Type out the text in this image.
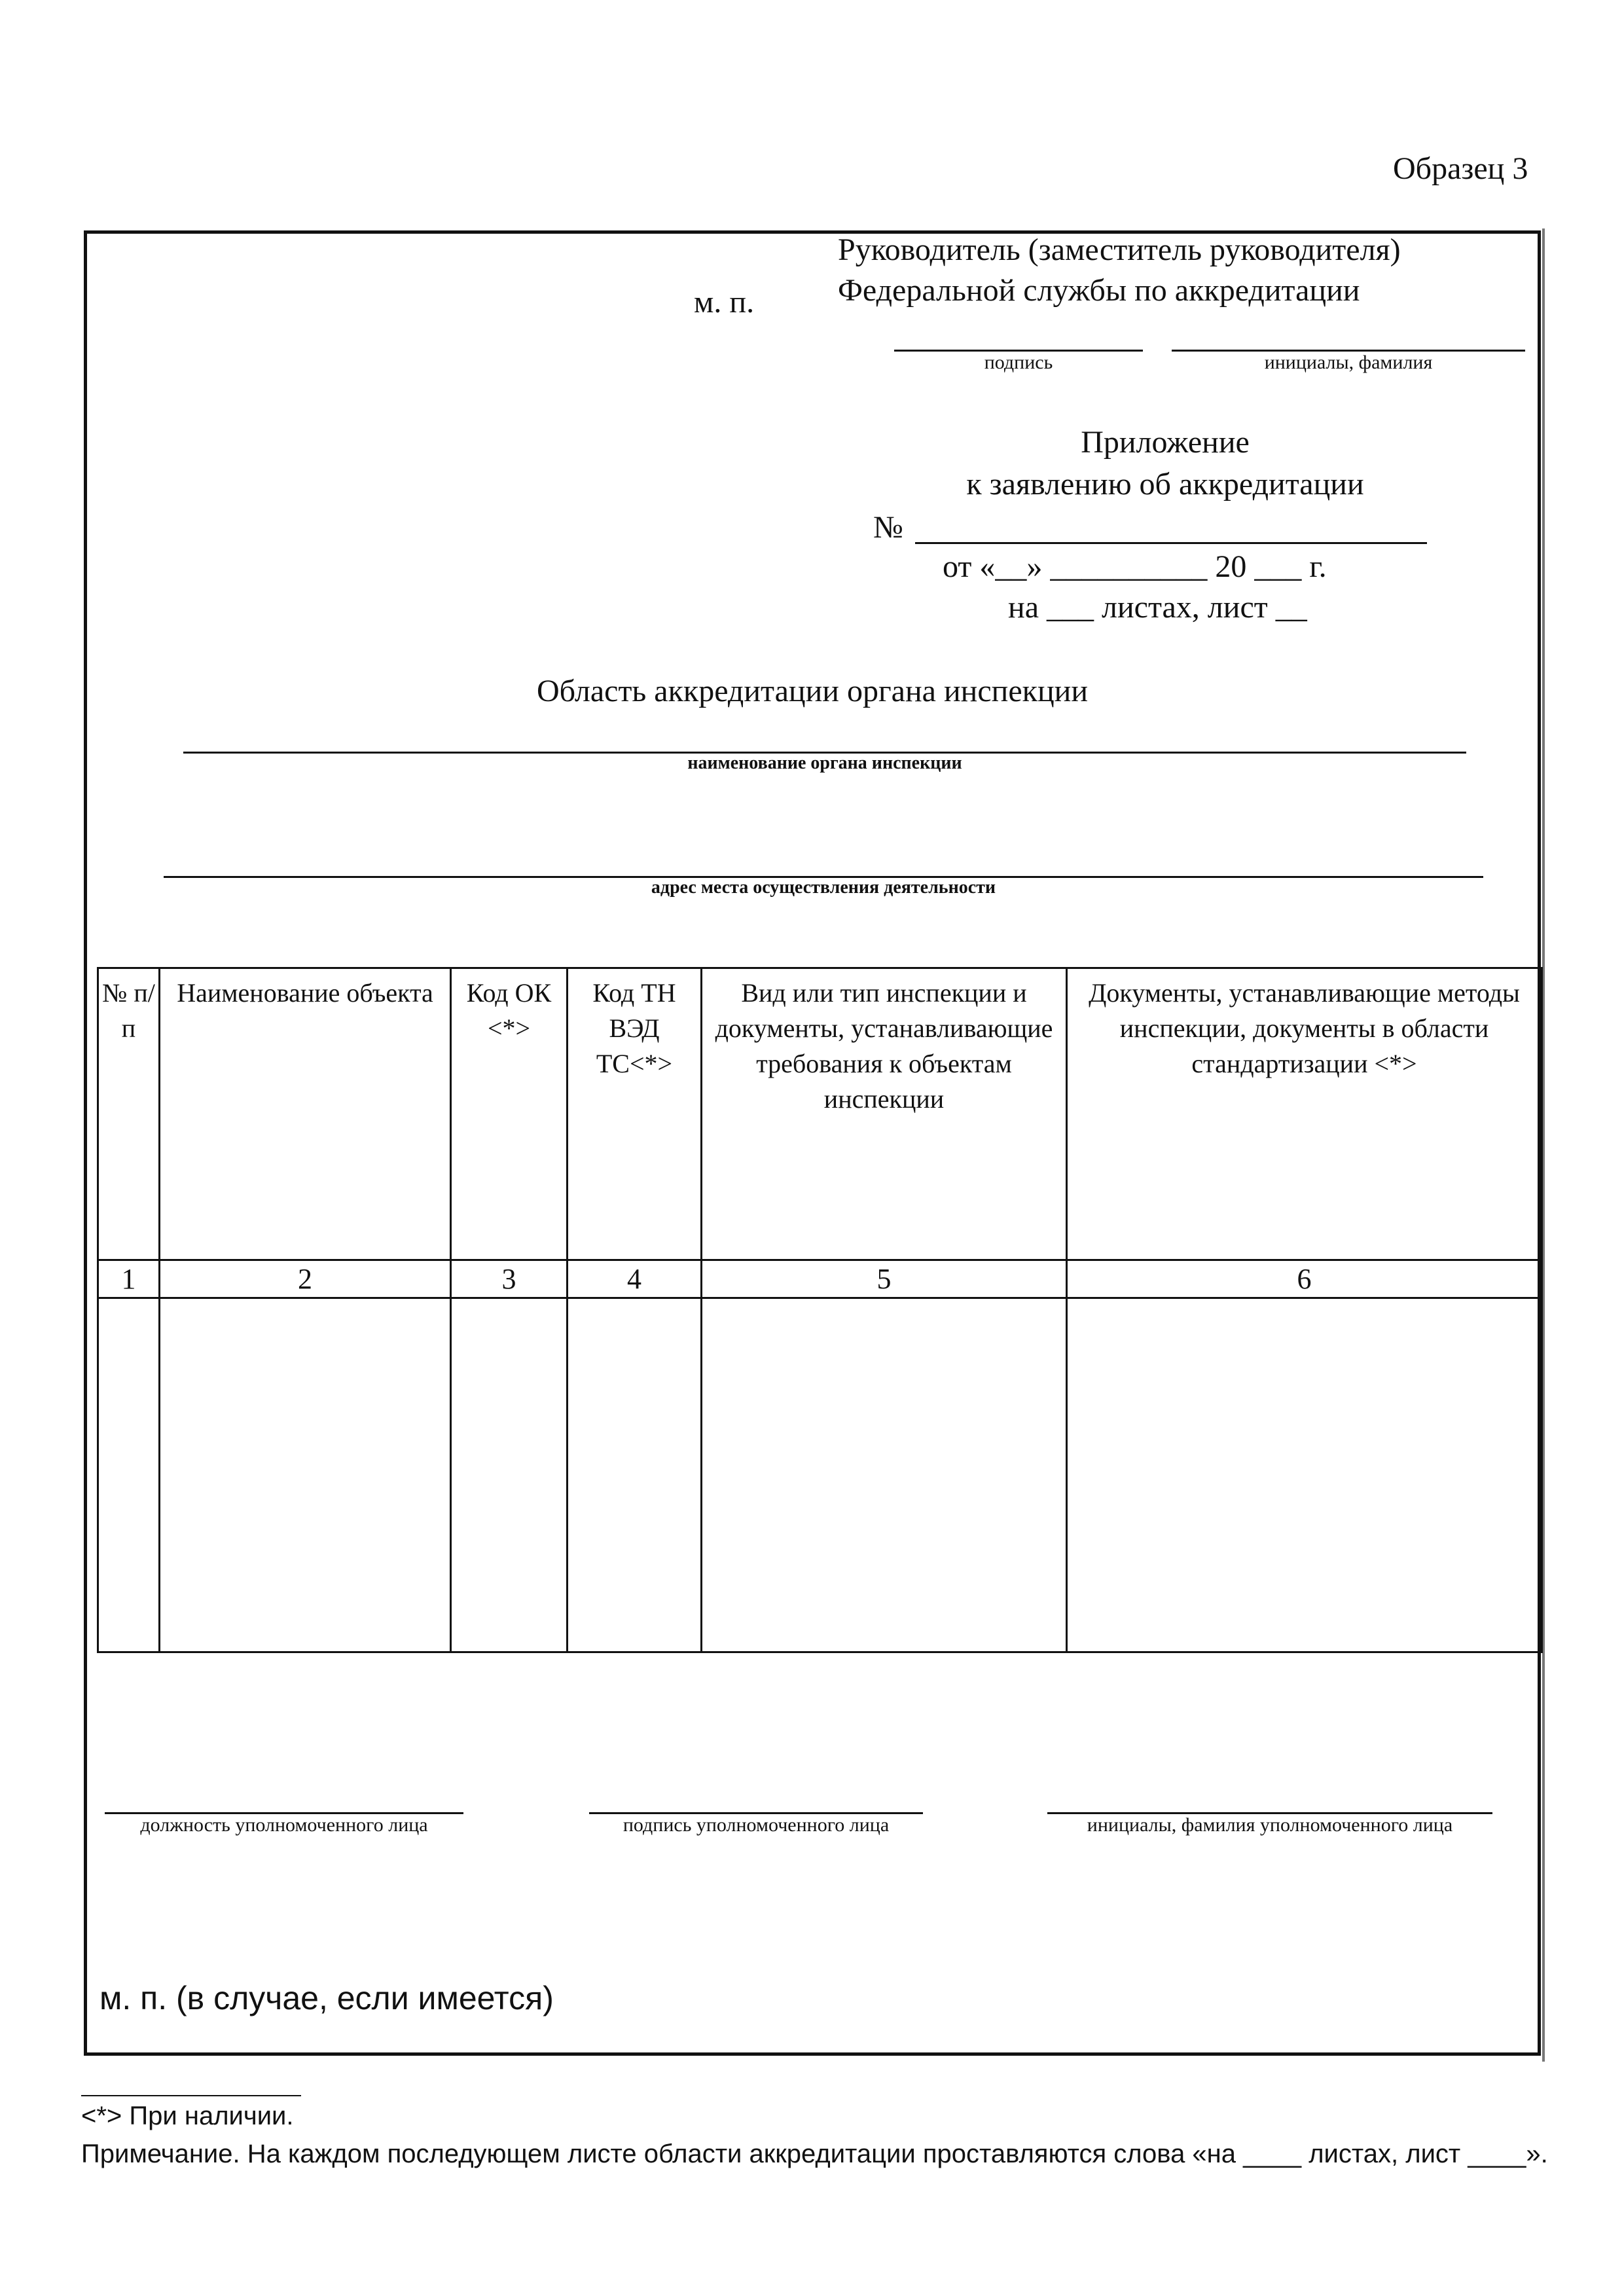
Образец 3
м. п.
Руководитель (заместитель руководителя)
Федеральной службы по аккредитации
подпись	инициалы, фамилия
Приложение
к заявлению об аккредитации
№
от «__» __________ 20 ___ г.
на ___ листах, лист __
Область аккредитации органа инспекции
наименование органа инспекции
адрес места осуществления деятельности
№ п/ п	Наименование объекта	Код ОК <*>	Код ТН ВЭД ТС<*>	Вид или тип инспекции и документы, устанавливающие требования к объектам инспекции	Документы, устанавливающие методы инспекции, документы в области стандартизации <*>
1	2	3	4	5	6

должность уполномоченного лица	подпись уполномоченного лица	инициалы, фамилия уполномоченного лица
м. п. (в случае, если имеется)
<*> При наличии.
Примечание. На каждом последующем листе области аккредитации проставляются слова «на ____ листах, лист ____».
